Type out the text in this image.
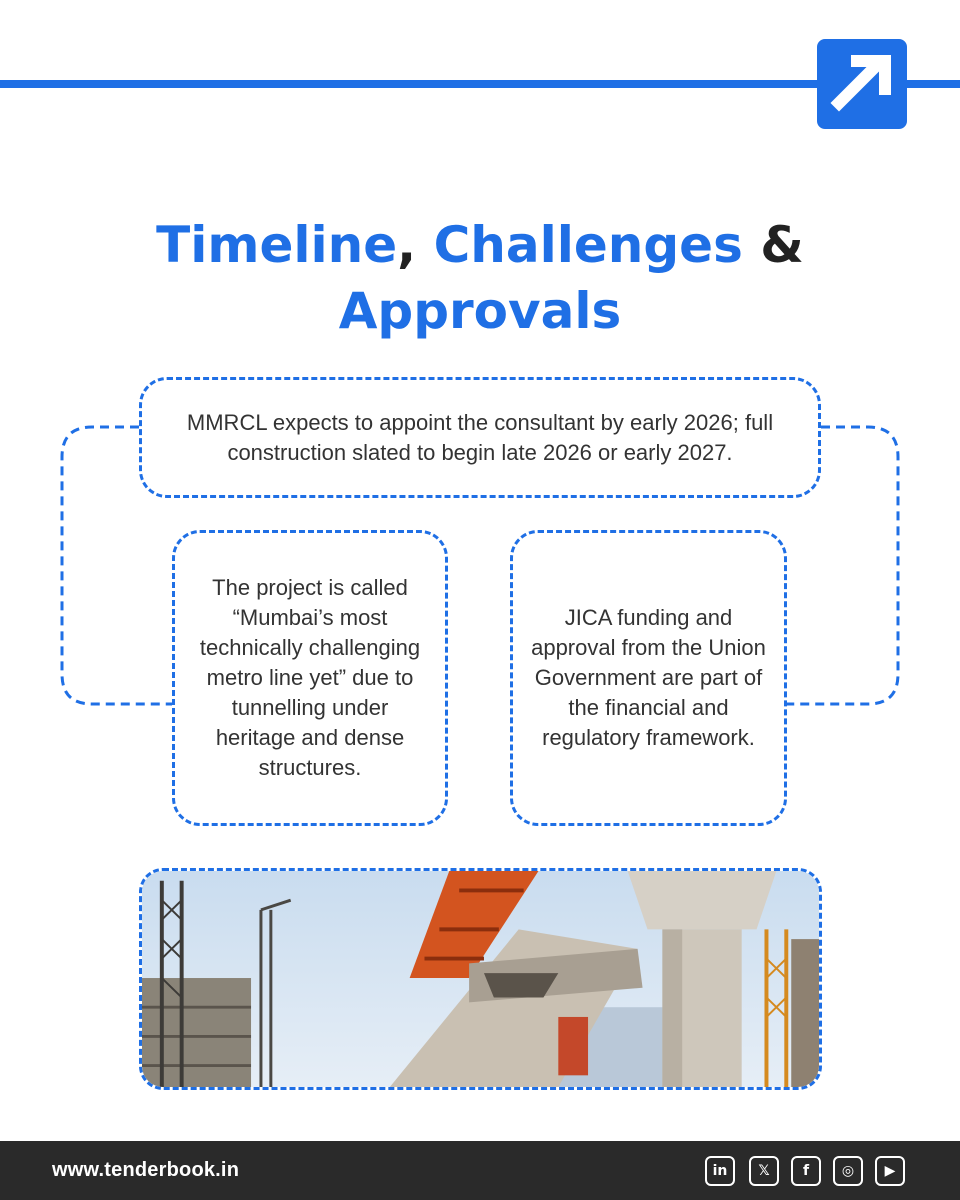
Timeline, Challenges &
Approvals

MMRCL expects to appoint the consultant by early 2026; full construction slated to begin late 2026 or early 2027.

The project is called “Mumbai’s most technically challenging metro line yet” due to tunnelling under heritage and dense structures.

JICA funding and approval from the Union Government are part of the financial and regulatory framework.

www.tenderbook.in	in	𝕏	f	◎	▶
